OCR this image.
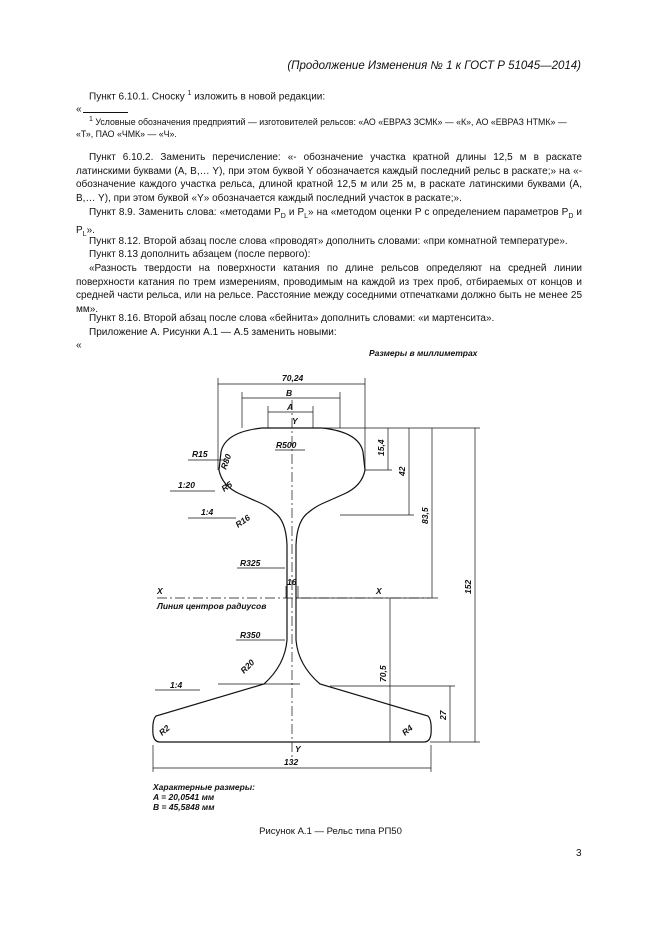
(Продолжение Изменения № 1 к ГОСТ Р 51045—2014)
Пункт 6.10.1. Сноску $^1$ изложить в новой редакции:
«
$^1$ Условные обозначения предприятий — изготовителей рельсов: «АО «ЕВРАЗ ЗСМК» — «К», АО «ЕВРАЗ НТМК» — «Т», ПАО «ЧМК» — «Ч».
Пункт 6.10.2. Заменить перечисление: «- обозначение участка кратной длины 12,5 м в раскате латинскими буквами (A, B,… Y), при этом буквой Y обозначается каждый последний рельс в раскате;» на «- обозначение каждого участка рельса, длиной кратной 12,5 м или 25 м, в раскате латинскими буквами (A, B,… Y), при этом буквой «Y» обозначается каждый последний участок в раскате;».
Пункт 8.9. Заменить слова: «методами $P_D$ и $P_L$» на «методом оценки P с определением параметров $P_D$ и $P_L$».
Пункт 8.12. Второй абзац после слова «проводят» дополнить словами: «при комнатной температуре».
Пункт 8.13 дополнить абзацем (после первого):
«Разность твердости на поверхности катания по длине рельсов определяют на средней линии поверхности катания по трем измерениям, проводимым на каждой из трех проб, отбираемых от концов и средней части рельса, или на рельсе. Расстояние между соседними отпечатками должно быть не менее 25 мм».
Пункт 8.16. Второй абзац после слова «бейнита» дополнить словами: «и мартенсита».
Приложение А. Рисунки А.1 — А.5 заменить новыми:
«
70,24
B
A
Y
R15 R80
R500
R5
1:20
1:4
R16
R325
16
R350
R20
1:4
R2	R4
15,4
42
83,5
152
70,5
27
132
X	X
Y
Линия центров радиусов
Размеры в миллиметрах
Характерные размеры:
A = 20,0541 мм
B = 45,5848 мм
Рисунок А.1 — Рельс типа РП50
3
